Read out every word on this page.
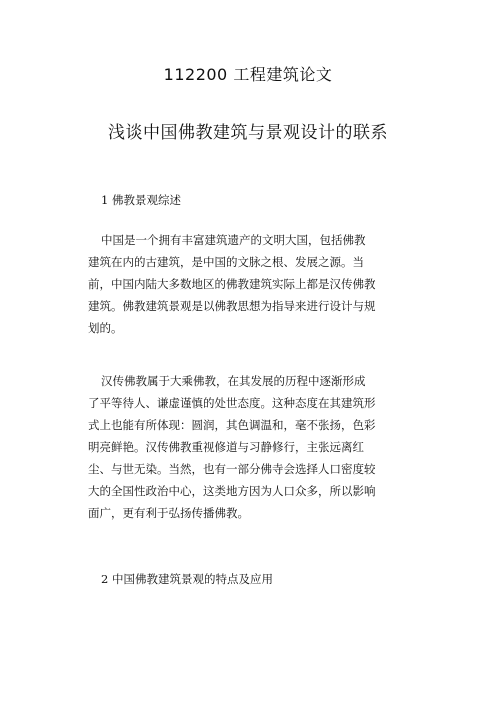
112200 工程建筑论文
浅谈中国佛教建筑与景观设计的联系
1 佛教景观综述
中国是一个拥有丰富建筑遗产的文明大国，包括佛教
建筑在内的古建筑，是中国的文脉之根、发展之源。当
前，中国内陆大多数地区的佛教建筑实际上都是汉传佛教
建筑。佛教建筑景观是以佛教思想为指导来进行设计与规
划的。
汉传佛教属于大乘佛教，在其发展的历程中逐渐形成
了平等待人、谦虚谨慎的处世态度。这种态度在其建筑形
式上也能有所体现：圆润，其色调温和，毫不张扬，色彩
明亮鲜艳。汉传佛教重视修道与习静修行，主张远离红
尘、与世无染。当然，也有一部分佛寺会选择人口密度较
大的全国性政治中心，这类地方因为人口众多，所以影响
面广，更有利于弘扬传播佛教。
2 中国佛教建筑景观的特点及应用
